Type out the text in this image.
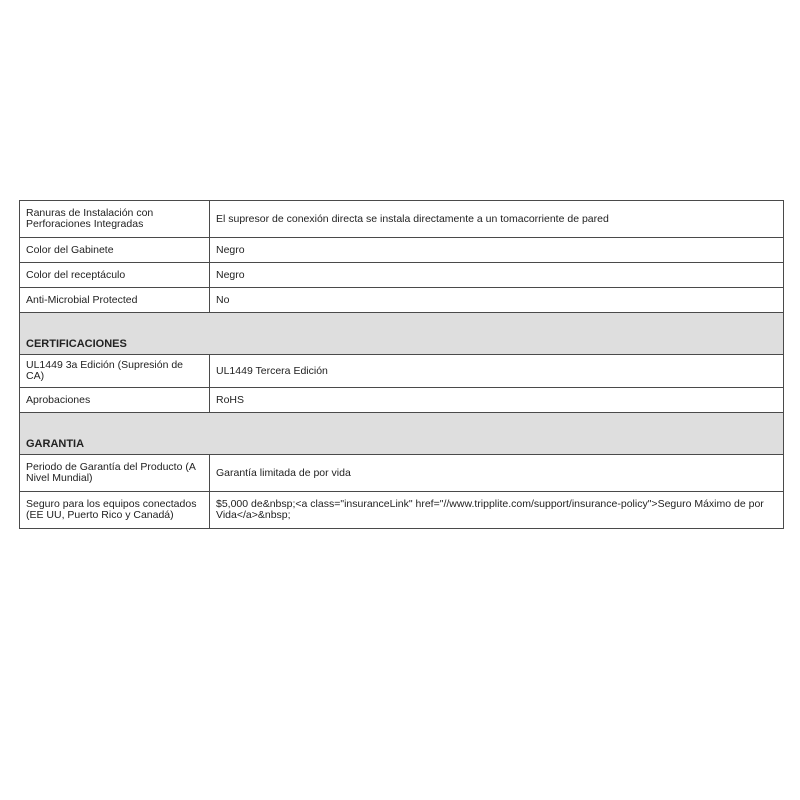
Ranuras de Instalación con Perforaciones Integradas	El supresor de conexión directa se instala directamente a un tomacorriente de pared
Color del Gabinete	Negro
Color del receptáculo	Negro
Anti-Microbial Protected	No
CERTIFICACIONES	
UL1449 3a Edición (Supresión de CA)	UL1449 Tercera Edición
Aprobaciones	RoHS
GARANTIA	
Periodo de Garantía del Producto (A Nivel Mundial)	Garantía limitada de por vida
Seguro para los equipos conectados (EE UU, Puerto Rico y Canadá)	$5,000 de&nbsp;<a class="insuranceLink" href="//www.tripplite.com/support/insurance-policy">Seguro Máximo de por Vida</a>&nbsp;
